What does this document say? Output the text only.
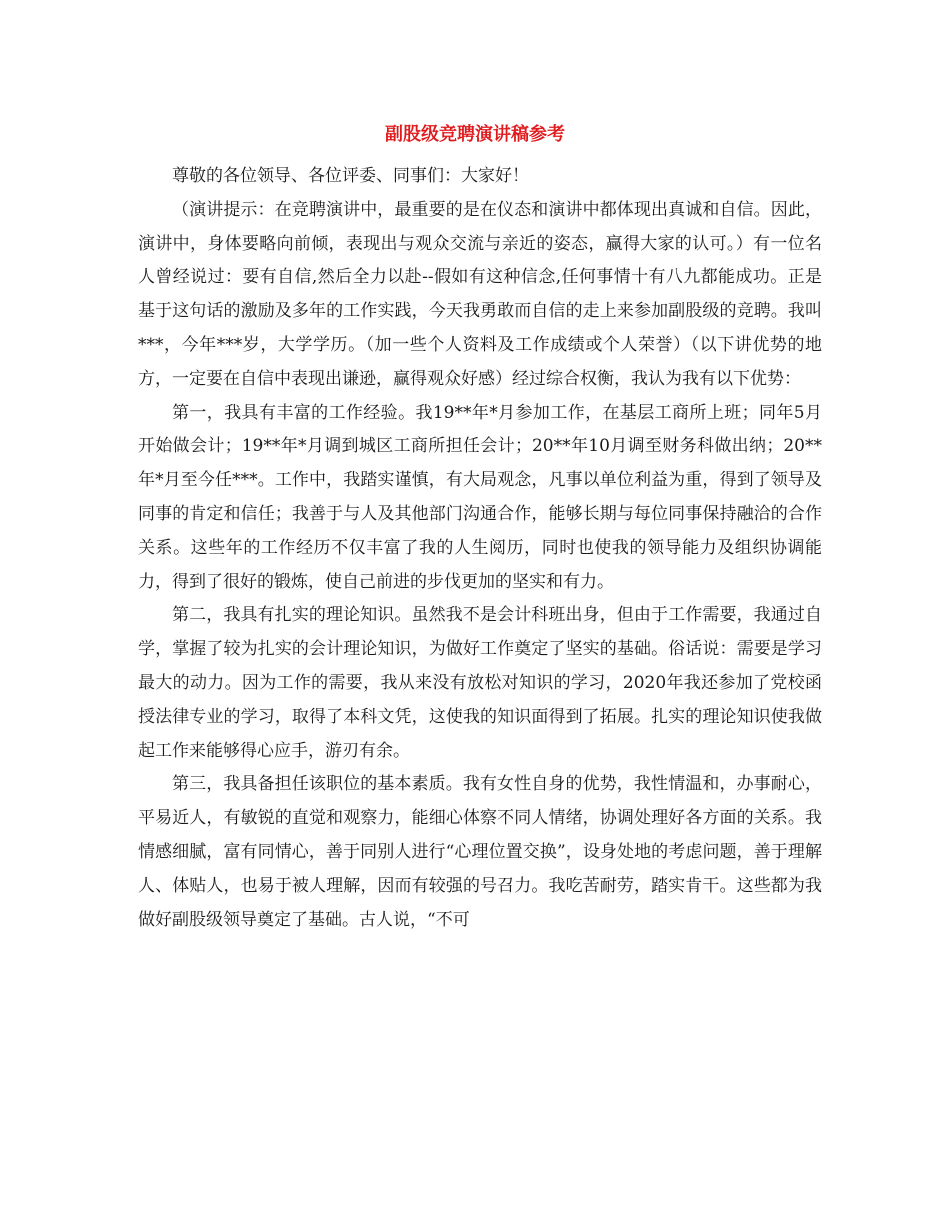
副股级竞聘演讲稿参考

尊敬的各位领导、各位评委、同事们：大家好！

（演讲提示：在竞聘演讲中，最重要的是在仪态和演讲中都体现出真诚和自信。因此，演讲中，身体要略向前倾，表现出与观众交流与亲近的姿态，赢得大家的认可。）有一位名人曾经说过：要有自信,然后全力以赴--假如有这种信念,任何事情十有八九都能成功。正是基于这句话的激励及多年的工作实践，今天我勇敢而自信的走上来参加副股级的竞聘。我叫***，今年***岁，大学学历。（加一些个人资料及工作成绩或个人荣誉）（以下讲优势的地方，一定要在自信中表现出谦逊，赢得观众好感）经过综合权衡，我认为我有以下优势：

第一，我具有丰富的工作经验。我19**年*月参加工作，在基层工商所上班；同年5月开始做会计；19**年*月调到城区工商所担任会计；20**年10月调至财务科做出纳；20**年*月至今任***。工作中，我踏实谨慎，有大局观念，凡事以单位利益为重，得到了领导及同事的肯定和信任；我善于与人及其他部门沟通合作，能够长期与每位同事保持融洽的合作关系。这些年的工作经历不仅丰富了我的人生阅历，同时也使我的领导能力及组织协调能力，得到了很好的锻炼，使自己前进的步伐更加的坚实和有力。

第二，我具有扎实的理论知识。虽然我不是会计科班出身，但由于工作需要，我通过自学，掌握了较为扎实的会计理论知识，为做好工作奠定了坚实的基础。俗话说：需要是学习最大的动力。因为工作的需要，我从来没有放松对知识的学习，2020年我还参加了党校函授法律专业的学习，取得了本科文凭，这使我的知识面得到了拓展。扎实的理论知识使我做起工作来能够得心应手，游刃有余。

第三，我具备担任该职位的基本素质。我有女性自身的优势，我性情温和，办事耐心，平易近人，有敏锐的直觉和观察力，能细心体察不同人情绪，协调处理好各方面的关系。我情感细腻，富有同情心，善于同别人进行“心理位置交换”，设身处地的考虑问题，善于理解人、体贴人，也易于被人理解，因而有较强的号召力。我吃苦耐劳，踏实肯干。这些都为我做好副股级领导奠定了基础。古人说，“不可
